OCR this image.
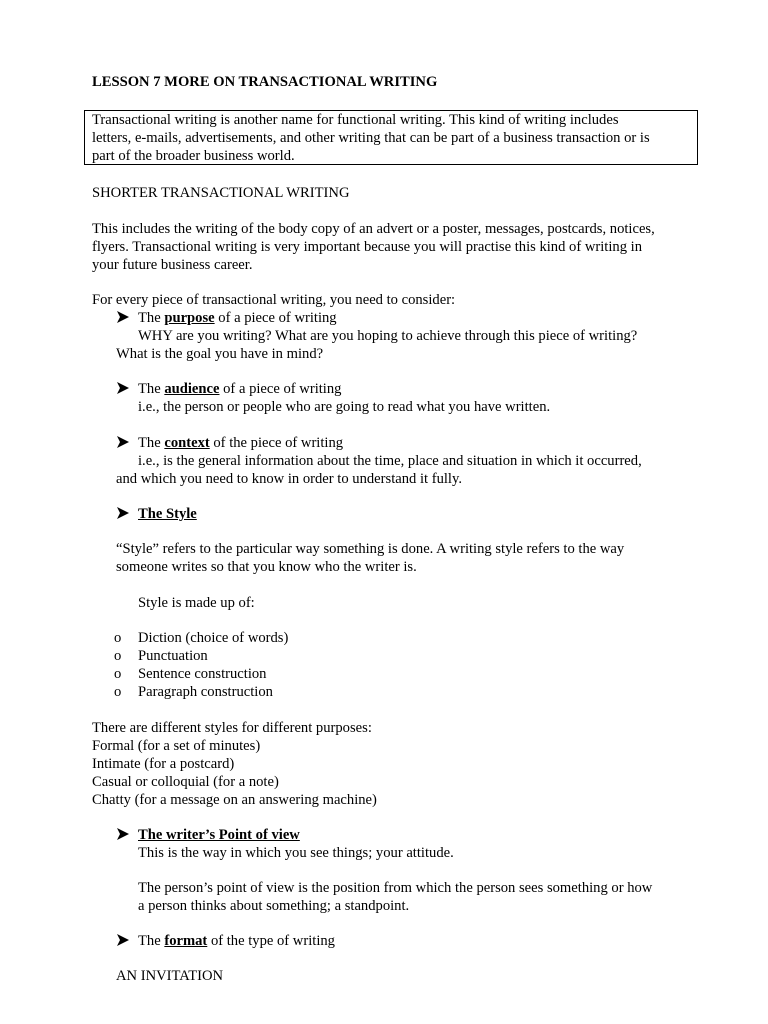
LESSON 7 MORE ON TRANSACTIONAL WRITING
Transactional writing is another name for functional writing. This kind of writing includes
letters, e-mails, advertisements, and other writing that can be part of a business transaction or is
part of the broader business world.
SHORTER TRANSACTIONAL WRITING
This includes the writing of the body copy of an advert or a poster, messages, postcards, notices,
flyers. Transactional writing is very important because you will practise this kind of writing in
your future business career.
For every piece of transactional writing, you need to consider:
The purpose of a piece of writing
WHY are you writing? What are you hoping to achieve through this piece of writing?
What is the goal you have in mind?
The audience of a piece of writing
i.e., the person or people who are going to read what you have written.
The context of the piece of writing
i.e., is the general information about the time, place and situation in which it occurred,
and which you need to know in order to understand it fully.
The Style
“Style” refers to the particular way something is done. A writing style refers to the way
someone writes so that you know who the writer is.
Style is made up of:
o Diction (choice of words)
o Punctuation
o Sentence construction
o Paragraph construction
There are different styles for different purposes:
Formal (for a set of minutes)
Intimate (for a postcard)
Casual or colloquial (for a note)
Chatty (for a message on an answering machine)
The writer’s Point of view
This is the way in which you see things; your attitude.
The person’s point of view is the position from which the person sees something or how
a person thinks about something; a standpoint.
The format of the type of writing
AN INVITATION
